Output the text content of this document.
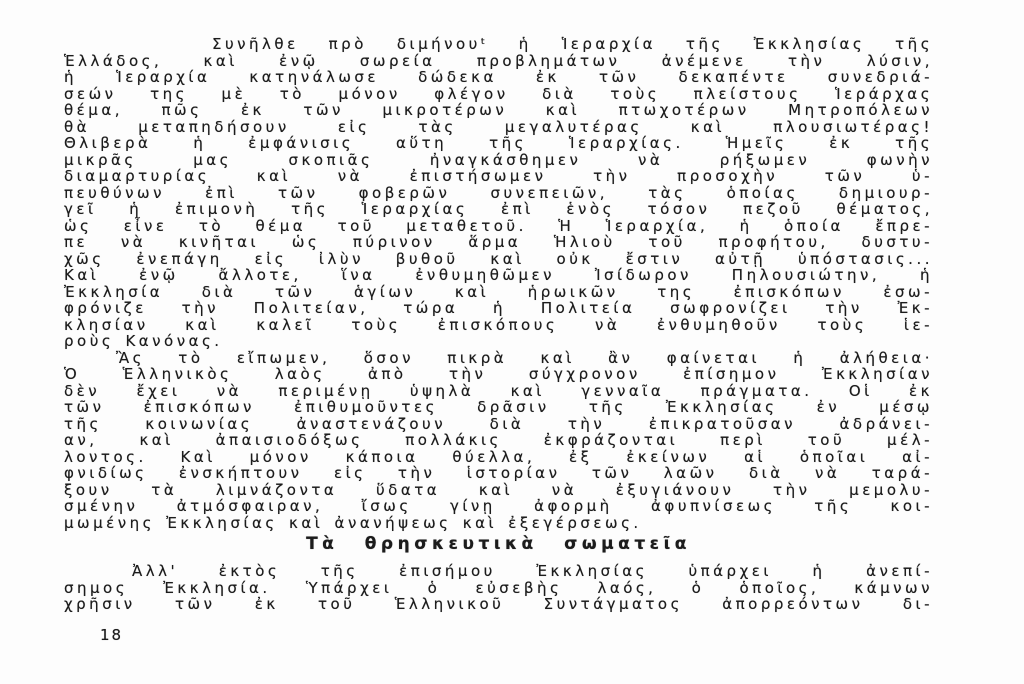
Συνῆλθε πρὸ διμήνουᵗ ἡ Ἱεραρχία τῆς Ἐκκλησίας τῆς
Ἑλλάδος, καὶ ἐνῷ σωρεία προβλημάτων ἀνέμενε τὴν λύσιν,
ἡ Ἱεραρχία κατηνάλωσε δώδεκα ἐκ τῶν δεκαπέντε συνεδριά-
σεών της μὲ τὸ μόνον φλέγον διὰ τοὺς πλείστους Ἱεράρχας
θέμα, πῶς ἐκ τῶν μικροτέρων καὶ πτωχοτέρων Μητροπόλεων
θὰ μεταπηδήσουν εἰς τὰς μεγαλυτέρας καὶ πλουσιωτέρας!
Θλιβερὰ ἡ ἐμφάνισις αὕτη τῆς Ἱεραρχίας. Ἡμεῖς ἐκ τῆς
μικρᾶς μας σκοπιᾶς ἠναγκάσθημεν νὰ ρήξωμεν φωνὴν
διαμαρτυρίας καὶ νὰ ἐπιστήσωμεν τὴν προσοχὴν τῶν ὑ-
πευθύνων ἐπὶ τῶν φοβερῶν συνεπειῶν, τὰς ὁποίας δημιουρ-
γεῖ ἡ ἐπιμονὴ τῆς Ἱεραρχίας ἐπὶ ἑνὸς τόσον πεζοῦ θέματος,
ὡς εἶνε τὸ θέμα τοῦ μεταθετοῦ. Ἡ Ἱεραρχία, ἡ ὁποία ἔπρε-
πε νὰ κινῆται ὡς πύρινον ἅρμα Ἡλιοὺ τοῦ προφήτου, δυστυ-
χῶς ἐνεπάγη εἰς ἰλὺν βυθοῦ καὶ οὐκ ἔστιν αὐτῇ ὑπόστασις...
Καὶ ἐνῷ ἄλλοτε, ἵνα ἐνθυμηθῶμεν Ἰσίδωρον Πηλουσιώτην, ἡ
Ἐκκλησία διὰ τῶν ἁγίων καὶ ἡρωικῶν της ἐπισκόπων ἐσω-
φρόνιζε τὴν Πολιτείαν, τώρα ἡ Πολιτεία σωφρονίζει τὴν Ἐκ-
κλησίαν καὶ καλεῖ τοὺς ἐπισκόπους νὰ ἐνθυμηθοῦν τοὺς ἱε-
ροὺς Κανόνας.
Ἂς τὸ εἴπωμεν, ὅσον πικρὰ καὶ ἂν φαίνεται ἡ ἀλήθεια·
Ὁ Ἑλληνικὸς λαὸς ἀπὸ τὴν σύγχρονον ἐπίσημον Ἐκκλησίαν
δὲν ἔχει νὰ περιμένῃ ὑψηλὰ καὶ γενναῖα πράγματα. Οἱ ἐκ
τῶν ἐπισκόπων ἐπιθυμοῦντες δρᾶσιν τῆς Ἐκκλησίας ἐν μέσῳ
τῆς κοινωνίας ἀναστενάζουν διὰ τὴν ἐπικρατοῦσαν ἀδράνει-
αν, καὶ ἀπαισιοδόξως πολλάκις ἐκφράζονται περὶ τοῦ μέλ-
λοντος. Καὶ μόνον κάποια θύελλα, ἐξ ἐκείνων αἱ ὁποῖαι αἰ-
φνιδίως ἐνσκήπτουν εἰς τὴν ἱστορίαν τῶν λαῶν διὰ νὰ ταρά-
ξουν τὰ λιμνάζοντα ὕδατα καὶ νὰ ἐξυγιάνουν τὴν μεμολυ-
σμένην ἀτμόσφαιραν, ἴσως γίνῃ ἀφορμὴ ἀφυπνίσεως τῆς κοι-
μωμένης Ἐκκλησίας καὶ ἀνανήψεως καὶ ἐξεγέρσεως.
Τὰ θρησκευτικὰ σωματεῖα
Ἀλλ' ἐκτὸς τῆς ἐπισήμου Ἐκκλησίας ὑπάρχει ἡ ἀνεπί-
σημος Ἐκκλησία. Ὑπάρχει ὁ εὐσεβὴς λαός, ὁ ὁποῖος, κάμνων
χρῆσιν τῶν ἐκ τοῦ Ἑλληνικοῦ Συντάγματος ἀπορρεόντων δι-
18
